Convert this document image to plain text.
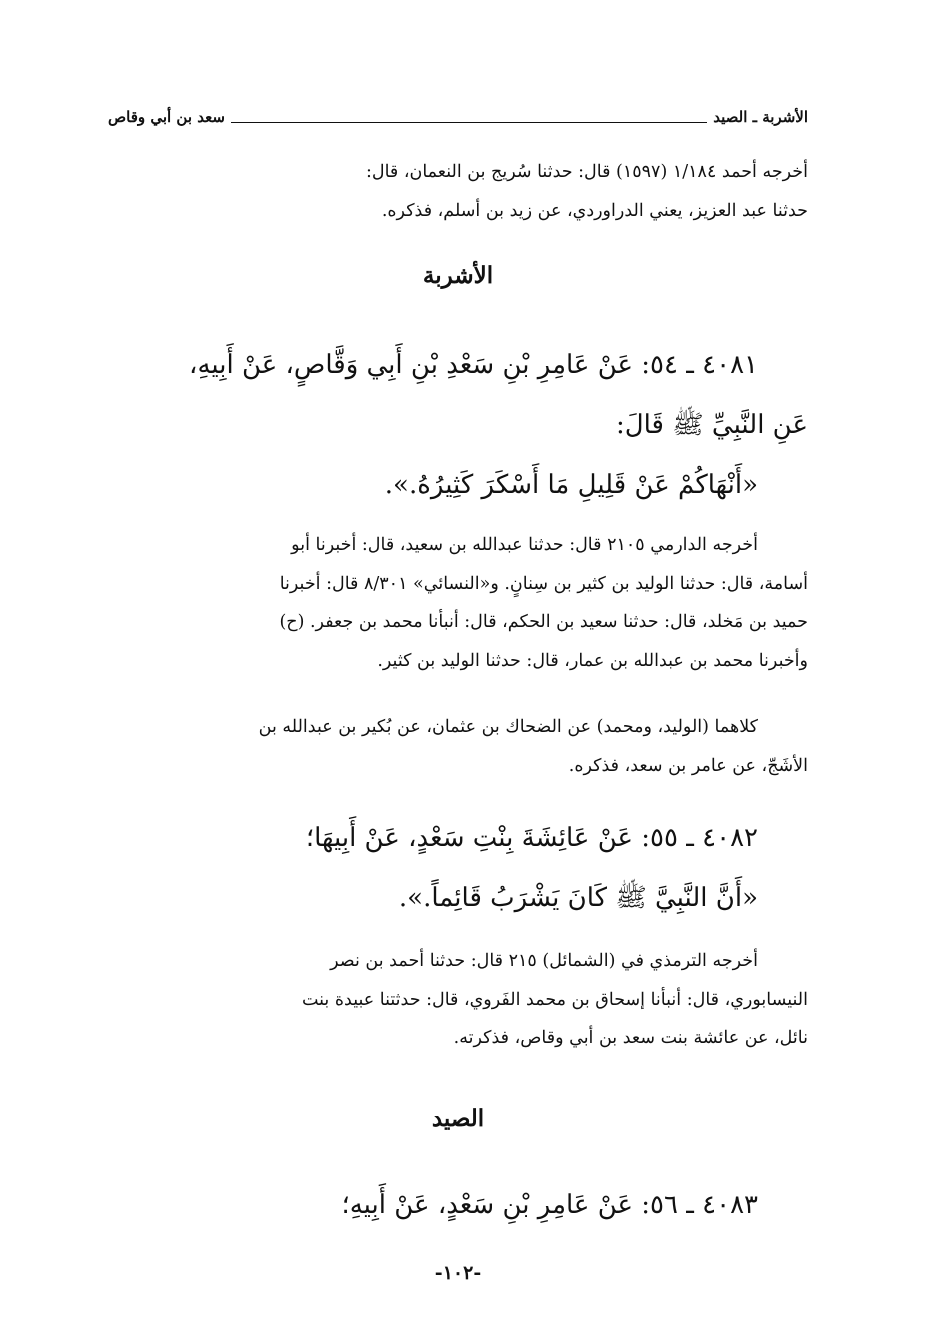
الأشربة ـ الصيد
سعد بن أبي وقاص
أخرجه أحمد ١/١٨٤ (١٥٩٧) قال: حدثنا سُريج بن النعمان، قال:
حدثنا عبد العزيز، يعني الدراوردي، عن زيد بن أسلم، فذكره.
الأشربة
٤٠٨١ ـ ٥٤: عَنْ عَامِرِ بْنِ سَعْدِ بْنِ أَبِي وَقَّاصٍ، عَنْ أَبِيهِ،
عَنِ النَّبِيِّ ﷺ قَالَ:
«أَنْهَاكُمْ عَنْ قَلِيلِ مَا أَسْكَرَ كَثِيرُهُ.».
أخرجه الدارمي ٢١٠٥ قال: حدثنا عبدالله بن سعيد، قال: أخبرنا أبو
أسامة، قال: حدثنا الوليد بن كثير بن سِنانٍ. و«النسائي» ٨/٣٠١ قال: أخبرنا
حميد بن مَخلد، قال: حدثنا سعيد بن الحكم، قال: أنبأنا محمد بن جعفر. (ح)
وأخبرنا محمد بن عبدالله بن عمار، قال: حدثنا الوليد بن كثير.
كلاهما (الوليد، ومحمد) عن الضحاك بن عثمان، عن بُكير بن عبدالله بن
الأشَجّ، عن عامر بن سعد، فذكره.
٤٠٨٢ ـ ٥٥: عَنْ عَائِشَةَ بِنْتِ سَعْدٍ، عَنْ أَبِيهَا؛
«أَنَّ النَّبِيَّ ﷺ كَانَ يَشْرَبُ قَائِماً.».
أخرجه الترمذي في (الشمائل) ٢١٥ قال: حدثنا أحمد بن نصر
النيسابوري، قال: أنبأنا إسحاق بن محمد الفَروي، قال: حدثتنا عبيدة بنت
نائل، عن عائشة بنت سعد بن أبي وقاص، فذكرته.
الصيد
٤٠٨٣ ـ ٥٦: عَنْ عَامِرِ بْنِ سَعْدٍ، عَنْ أَبِيهِ؛
-١٠٢-
